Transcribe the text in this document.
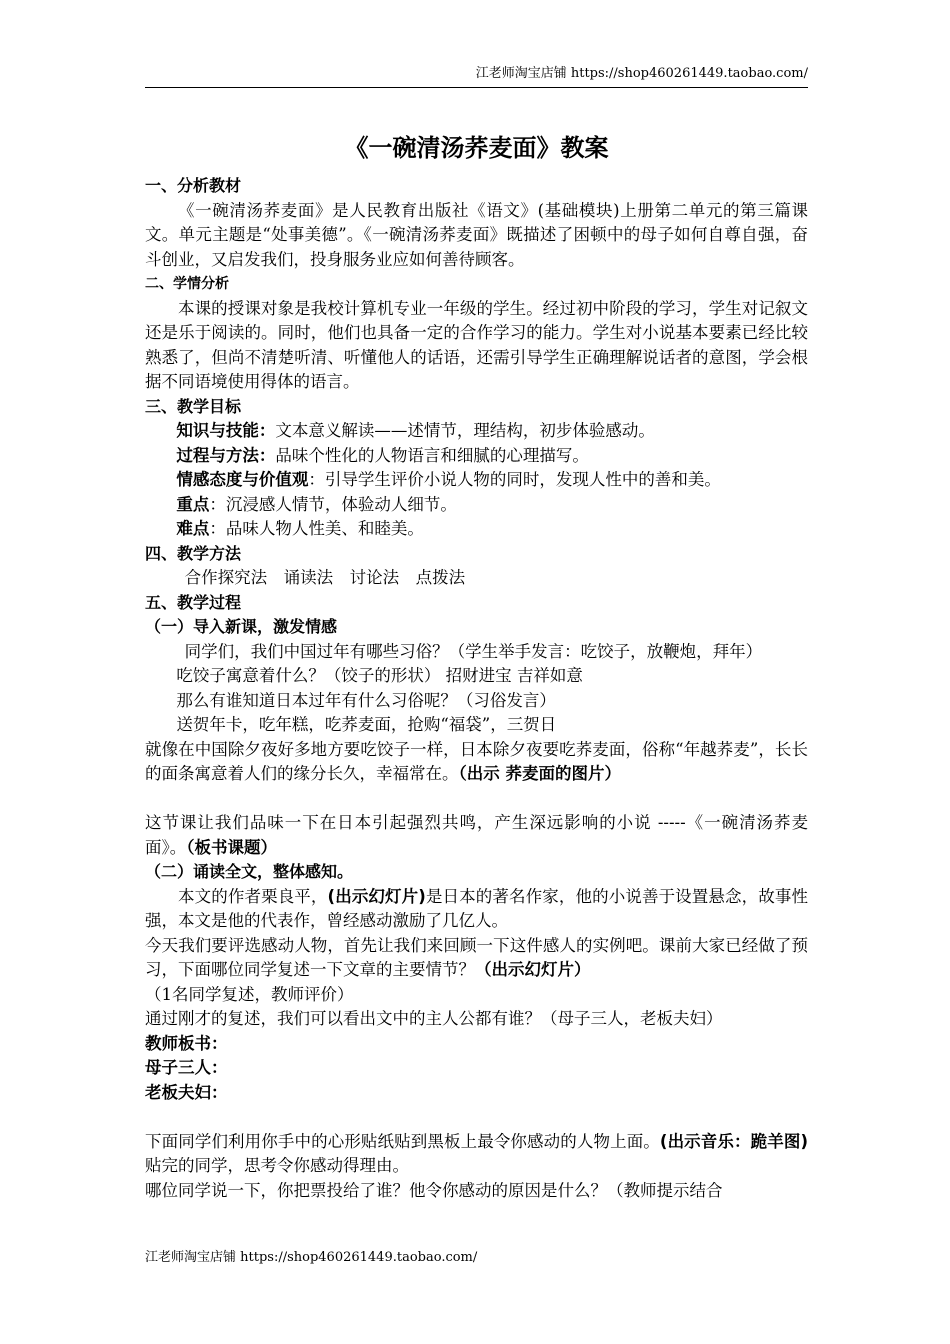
江老师淘宝店铺 https://shop460261449.taobao.com/
《一碗清汤荞麦面》教案
一、分析教材

《一碗清汤荞麦面》是人民教育出版社《语文》(基础模块)上册第二单元的第三篇课文。单元主题是“处事美德”。《一碗清汤荞麦面》既描述了困顿中的母子如何自尊自强，奋斗创业，又启发我们，投身服务业应如何善待顾客。

二、学情分析

本课的授课对象是我校计算机专业一年级的学生。经过初中阶段的学习，学生对记叙文还是乐于阅读的。同时，他们也具备一定的合作学习的能力。学生对小说基本要素已经比较熟悉了，但尚不清楚听清、听懂他人的话语，还需引导学生正确理解说话者的意图，学会根据不同语境使用得体的语言。

三、教学目标
知识与技能：文本意义解读——述情节，理结构，初步体验感动。
过程与方法：品味个性化的人物语言和细腻的心理描写。
情感态度与价值观：引导学生评价小说人物的同时，发现人性中的善和美。
重点：沉浸感人情节，体验动人细节。
难点：品味人物人性美、和睦美。
四、教学方法
合作探究法　诵读法　讨论法　点拨法
五、教学过程
（一）导入新课，激发情感
同学们，我们中国过年有哪些习俗？（学生举手发言：吃饺子，放鞭炮，拜年）
吃饺子寓意着什么？（饺子的形状） 招财进宝 吉祥如意
那么有谁知道日本过年有什么习俗呢？（习俗发言）
送贺年卡，吃年糕，吃荞麦面，抢购“福袋”，三贺日

就像在中国除夕夜好多地方要吃饺子一样，日本除夕夜要吃荞麦面，俗称“年越荞麦”，长长的面条寓意着人们的缘分长久，幸福常在。（出示 荞麦面的图片）

这节课让我们品味一下在日本引起强烈共鸣，产生深远影响的小说 -----《一碗清汤荞麦面》。（板书课题）

（二）诵读全文，整体感知。

本文的作者栗良平，(出示幻灯片)是日本的著名作家，他的小说善于设置悬念，故事性强，本文是他的代表作，曾经感动激励了几亿人。

今天我们要评选感动人物，首先让我们来回顾一下这件感人的实例吧。课前大家已经做了预习，下面哪位同学复述一下文章的主要情节？（出示幻灯片）

（1名同学复述，教师评价）

通过刚才的复述，我们可以看出文中的主人公都有谁？（母子三人，老板夫妇）

教师板书：
母子三人：
老板夫妇：

下面同学们利用你手中的心形贴纸贴到黑板上最令你感动的人物上面。(出示音乐：跪羊图)贴完的同学，思考令你感动得理由。

哪位同学说一下，你把票投给了谁？他令你感动的原因是什么？（教师提示结合

江老师淘宝店铺 https://shop460261449.taobao.com/
